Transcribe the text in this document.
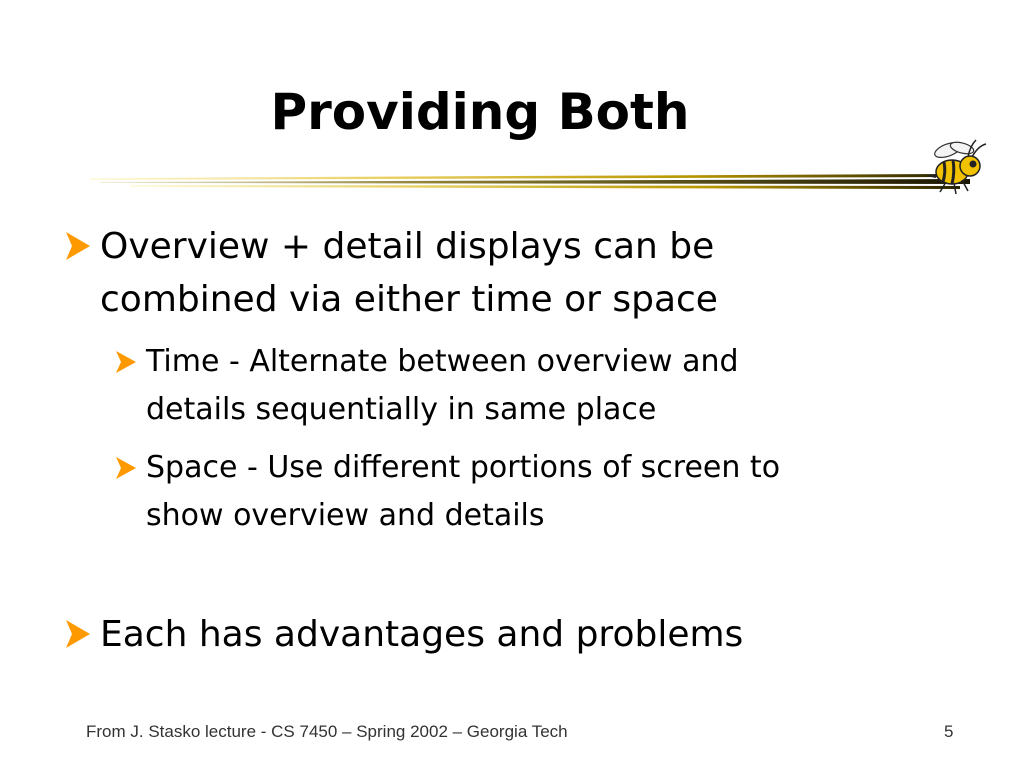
Providing Both
Overview + detail displays can be
combined via either time or space
Time - Alternate between overview and
details sequentially in same place
Space - Use different portions of screen to
show overview and details
Each has advantages and problems
From J. Stasko lecture - CS 7450 – Spring 2002 – Georgia Tech	5
